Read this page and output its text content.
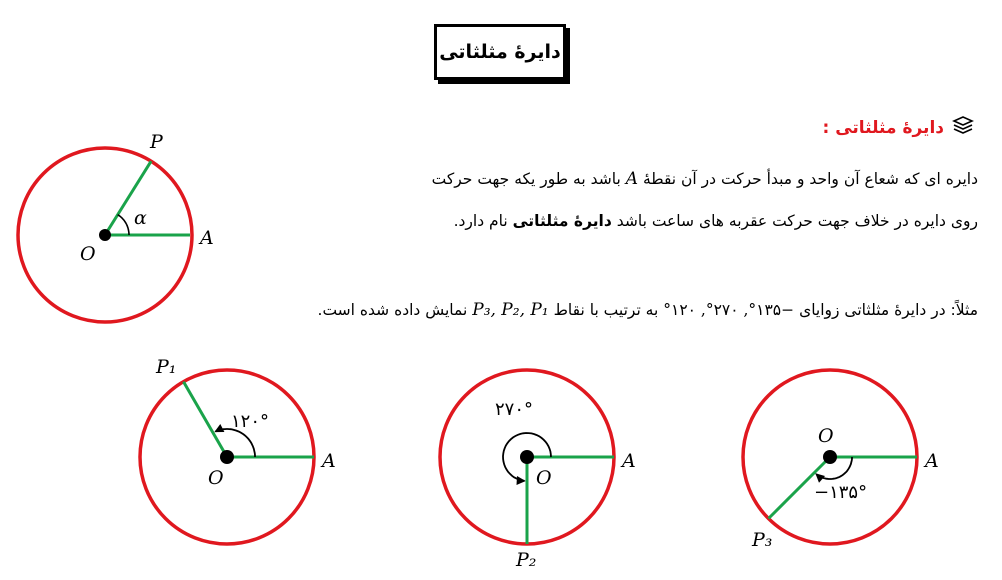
دایرهٔ مثلثاتی
دایرهٔ مثلثاتی :
دایره ای که شعاع آن واحد و مبدأ حرکت در آن نقطهٔ A باشد به طور یکه جهت حرکت
روی دایره در خلاف جهت حرکت عقربه های ساعت باشد دایرهٔ مثلثاتی نام دارد.
مثلاً: در دایرهٔ مثلثاتی زوایای °۱۲۰ ,°۲۷۰ ,°۱۳۵− به ترتیب با نقاط P₃, P₂, P₁ نمایش داده شده است.
P
α
O
A
P₁
۱۲۰°
O
A
P₂
۲۷۰°
O
A
P₃
−۱۳۵°
O
A
